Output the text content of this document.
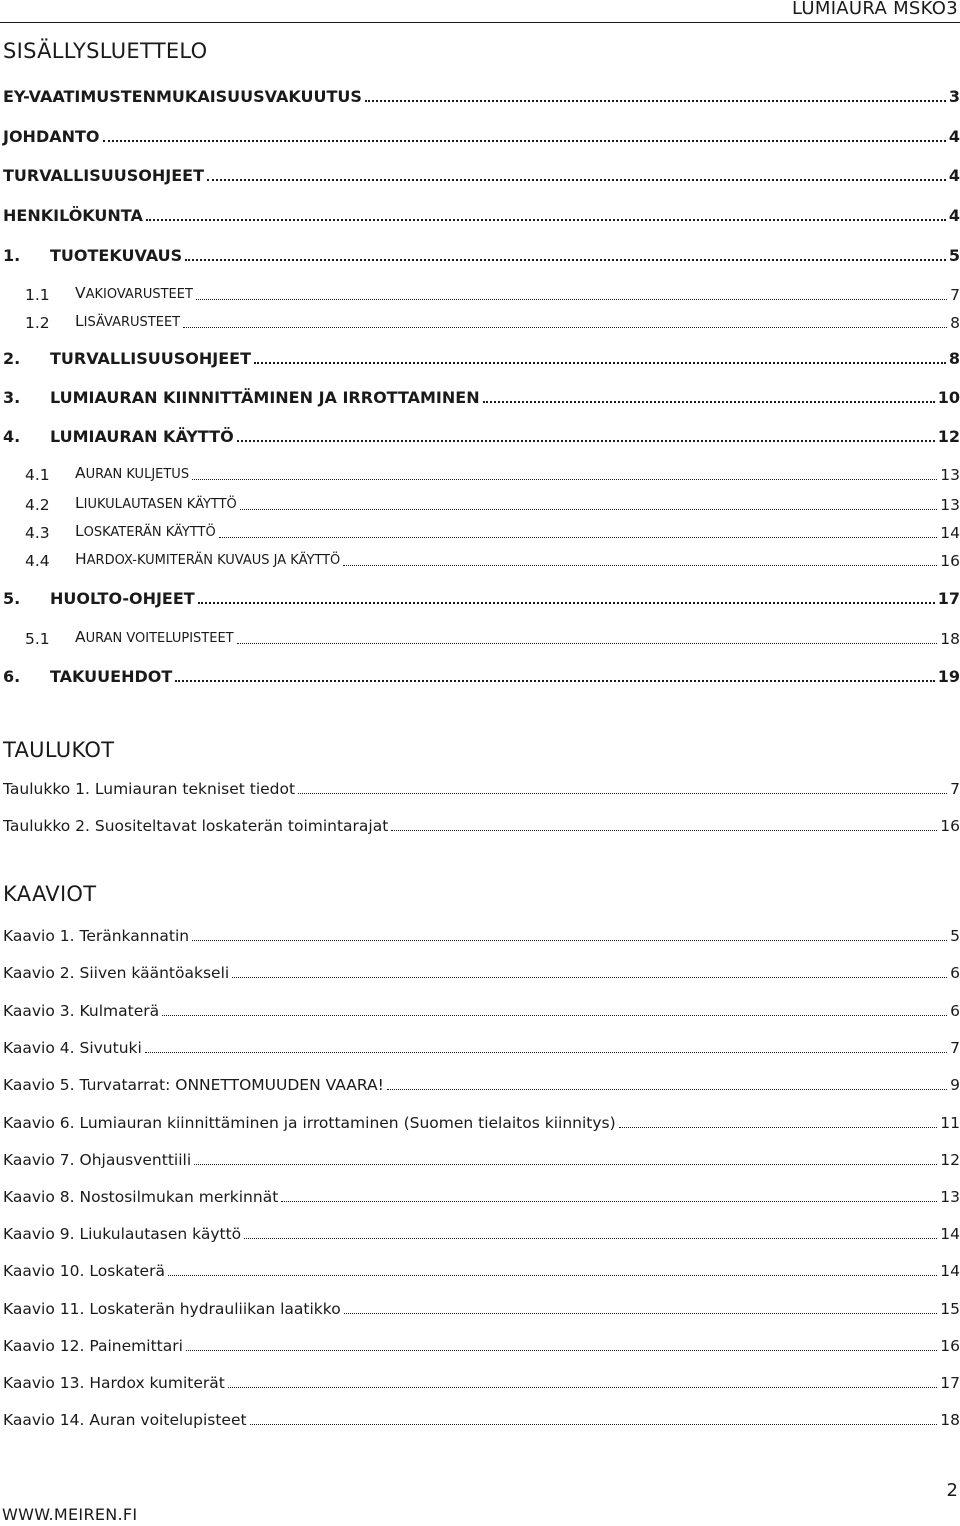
LUMIAURA MSKO3
SISÄLLYSLUETTELO
EY-VAATIMUSTENMUKAISUUSVAKUUTUS	3
JOHDANTO	4
TURVALLISUUSOHJEET	4
HENKILÖKUNTA	4
1.	TUOTEKUVAUS	5
1.1	VAKIOVARUSTEET	7
1.2	LISÄVARUSTEET	8
2.	TURVALLISUUSOHJEET	8
3.	LUMIAURAN KIINNITTÄMINEN JA IRROTTAMINEN	10
4.	LUMIAURAN KÄYTTÖ	12
4.1	AURAN KULJETUS	13
4.2	LIUKULAUTASEN KÄYTTÖ	13
4.3	LOSKATERÄN KÄYTTÖ	14
4.4	HARDOX-KUMITERÄN KUVAUS JA KÄYTTÖ	16
5.	HUOLTO-OHJEET	17
5.1	AURAN VOITELUPISTEET	18
6.	TAKUUEHDOT	19
TAULUKOT
Taulukko 1. Lumiauran tekniset tiedot	7
Taulukko 2. Suositeltavat loskaterän toimintarajat	16
KAAVIOT
Kaavio 1. Teränkannatin	5
Kaavio 2. Siiven kääntöakseli	6
Kaavio 3. Kulmaterä	6
Kaavio 4. Sivutuki	7
Kaavio 5. Turvatarrat: ONNETTOMUUDEN VAARA!	9
Kaavio 6. Lumiauran kiinnittäminen ja irrottaminen (Suomen tielaitos kiinnitys)	11
Kaavio 7. Ohjausventtiili	12
Kaavio 8. Nostosilmukan merkinnät	13
Kaavio 9. Liukulautasen käyttö	14
Kaavio 10. Loskaterä	14
Kaavio 11. Loskaterän hydrauliikan laatikko	15
Kaavio 12. Painemittari	16
Kaavio 13. Hardox kumiterät	17
Kaavio 14. Auran voitelupisteet	18
2
WWW.MEIREN.FI
